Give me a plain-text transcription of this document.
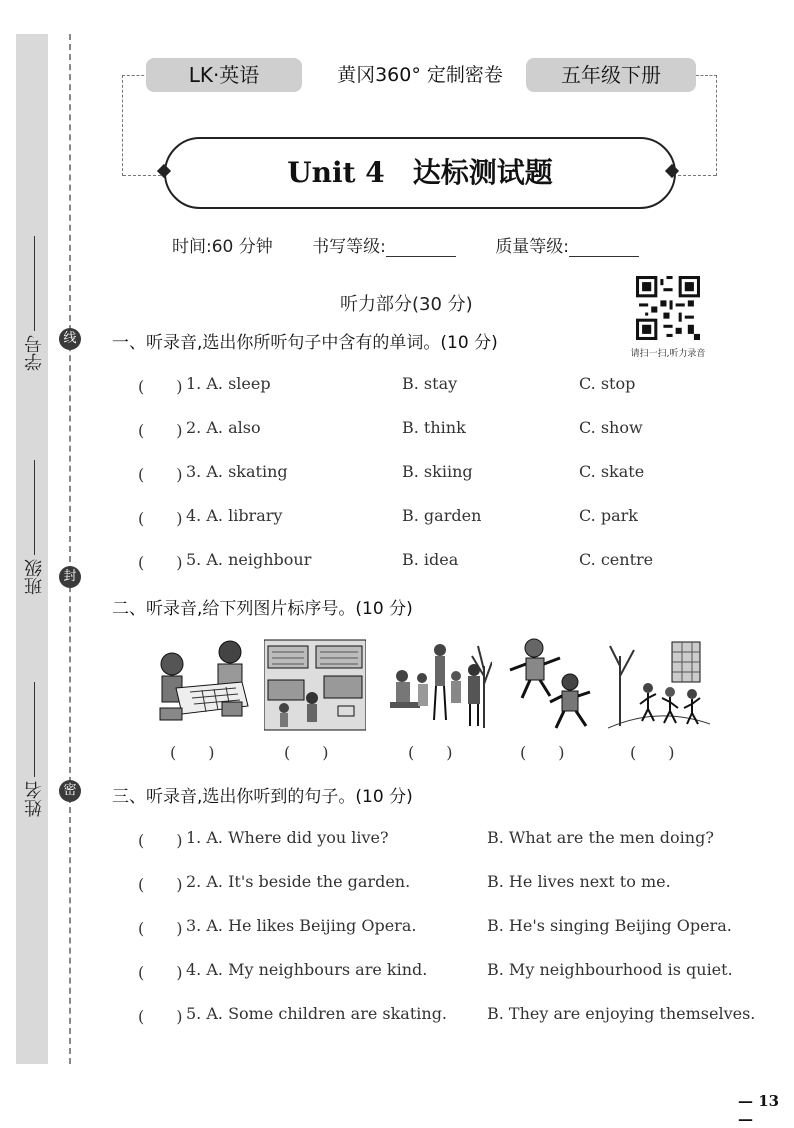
线
封
密
学号
班级
姓名
LK·英语	黄冈360° 定制密卷	五年级下册
Unit 4　达标测试题
时间:60 分钟 书写等级:	质量等级:
听力部分(30 分)
请扫一扫,听力录音
一、听录音,选出你所听句子中含有的单词。(10 分)
(　　) 1. A. sleep	B. stay	C. stop
(　　) 2. A. also	B. think	C. show
(　　) 3. A. skating	B. skiing	C. skate
(　　) 4. A. library	B. garden	C. park
(　　) 5. A. neighbour	B. idea	C. centre
二、听录音,给下列图片标序号。(10 分)
(　　)	(　　)	(　　)	(　　)	(　　)
三、听录音,选出你听到的句子。(10 分)
(　　) 1. A. Where did you live?	B. What are the men doing?
(　　) 2. A. It's beside the garden.	B. He lives next to me.
(　　) 3. A. He likes Beijing Opera.	B. He's singing Beijing Opera.
(　　) 4. A. My neighbours are kind.	B. My neighbourhood is quiet.
(　　) 5. A. Some children are skating. B. They are enjoying themselves.
— 13 —
